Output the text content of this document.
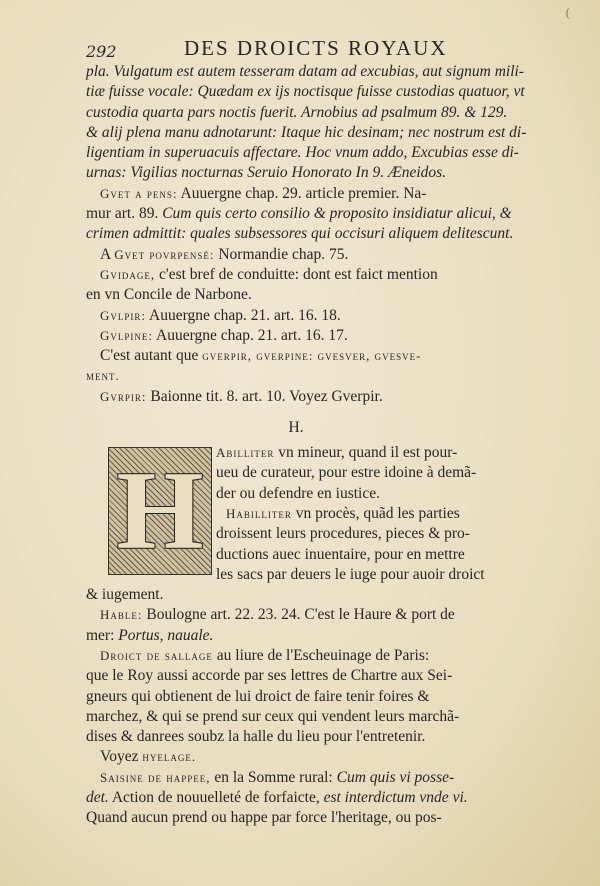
(
292	DES DROICTS ROYAUX
pla. Vulgatum est autem tesseram datam ad excubias, aut signum mili-
tiæ fuisse vocale: Quædam ex ijs noctisque fuisse custodias quatuor, vt
custodia quarta pars noctis fuerit. Arnobius ad psalmum 89. & 129.
& alij plena manu adnotarunt: Itaque hic desinam; nec nostrum est di-
ligentiam in superuacuis affectare. Hoc vnum addo, Excubias esse di-
urnas: Vigilias nocturnas Seruio Honorato In 9. Æneidos.
Gvet a pens: Auuergne chap. 29. article premier. Na-
mur art. 89. Cum quis certo consilio & proposito insidiatur alicui, &
crimen admittit: quales subsessores qui occisuri aliquem delitescunt.
A Gvet povrpensé: Normandie chap. 75.
Gvidage, c'est bref de conduitte: dont est faict mention
en vn Concile de Narbone.
Gvlpir: Auuergne chap. 21. art. 16. 18.
Gvlpine: Auuergne chap. 21. art. 16. 17.
C'est autant que gverpir, gverpine: gvesver, gvesve-
ment.
Gvrpir: Baionne tit. 8. art. 10. Voyez Gverpir.
H.
H Abilliter vn mineur, quand il est pour-
ueu de curateur, pour estre idoine à demã-
der ou defendre en iustice.
Habilliter vn procès, quãd les parties
droissent leurs procedures, pieces & pro-
ductions auec inuentaire, pour en mettre
les sacs par deuers le iuge pour auoir droict
& iugement.
Hable: Boulogne art. 22. 23. 24. C'est le Haure & port de
mer: Portus, nauale.
Droict de sallage au liure de l'Escheuinage de Paris:
que le Roy aussi accorde par ses lettres de Chartre aux Sei-
gneurs qui obtienent de lui droict de faire tenir foires &
marchez, & qui se prend sur ceux qui vendent leurs marchã-
dises & danrees soubz la halle du lieu pour l'entretenir.
Voyez hyelage.
Saisine de happee, en la Somme rural: Cum quis vi posse-
det. Action de nouuelleté de forfaicte, est interdictum vnde vi.
Quand aucun prend ou happe par force l'heritage, ou pos-
